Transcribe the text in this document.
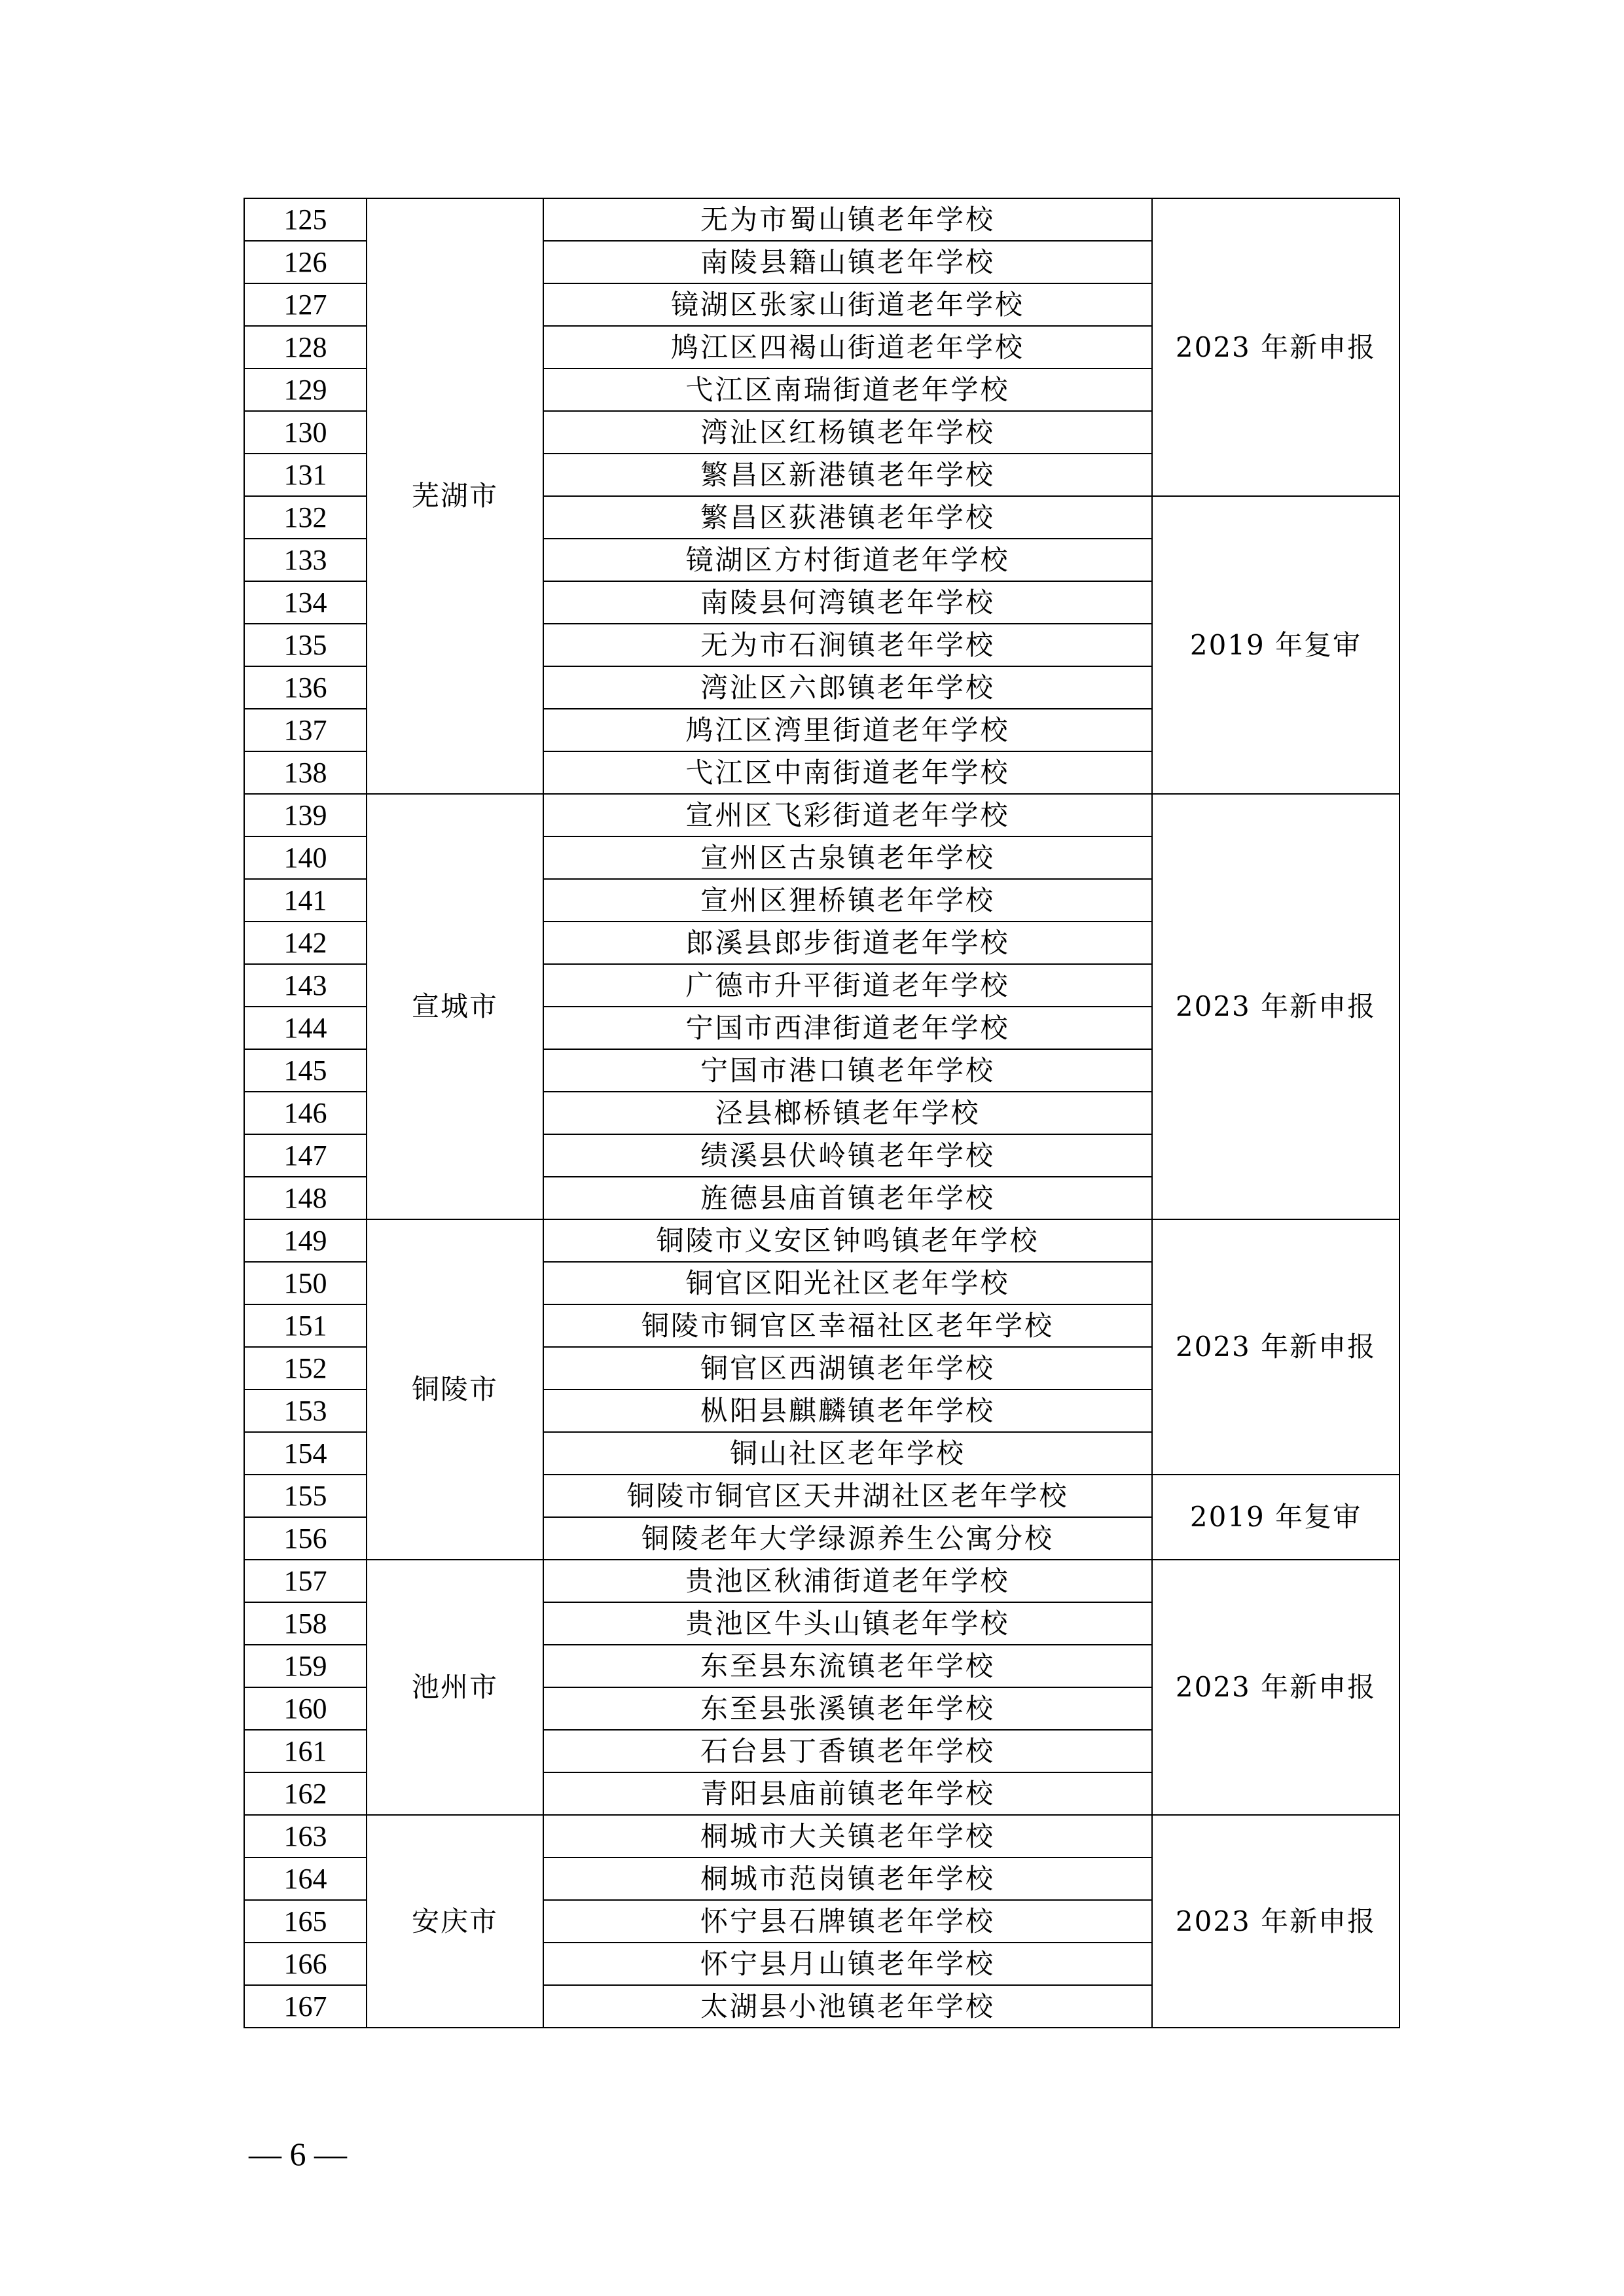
125	芜湖市	无为市蜀山镇老年学校	2023 年新申报
126		南陵县籍山镇老年学校	
127		镜湖区张家山街道老年学校	
128		鸠江区四褐山街道老年学校	
129		弋江区南瑞街道老年学校	
130		湾沚区红杨镇老年学校	
131		繁昌区新港镇老年学校	
132		繁昌区荻港镇老年学校	2019 年复审
133		镜湖区方村街道老年学校	
134		南陵县何湾镇老年学校	
135		无为市石涧镇老年学校	
136		湾沚区六郎镇老年学校	
137		鸠江区湾里街道老年学校	
138		弋江区中南街道老年学校	
139	宣城市	宣州区飞彩街道老年学校	2023 年新申报
140		宣州区古泉镇老年学校	
141		宣州区狸桥镇老年学校	
142		郎溪县郎步街道老年学校	
143		广德市升平街道老年学校	
144		宁国市西津街道老年学校	
145		宁国市港口镇老年学校	
146		泾县榔桥镇老年学校	
147		绩溪县伏岭镇老年学校	
148		旌德县庙首镇老年学校	
149	铜陵市	铜陵市义安区钟鸣镇老年学校	2023 年新申报
150		铜官区阳光社区老年学校	
151		铜陵市铜官区幸福社区老年学校	
152		铜官区西湖镇老年学校	
153		枞阳县麒麟镇老年学校	
154		铜山社区老年学校	
155		铜陵市铜官区天井湖社区老年学校	2019 年复审
156		铜陵老年大学绿源养生公寓分校	
157	池州市	贵池区秋浦街道老年学校	2023 年新申报
158		贵池区牛头山镇老年学校	
159		东至县东流镇老年学校	
160		东至县张溪镇老年学校	
161		石台县丁香镇老年学校	
162		青阳县庙前镇老年学校	
163	安庆市	桐城市大关镇老年学校	2023 年新申报
164		桐城市范岗镇老年学校	
165		怀宁县石牌镇老年学校	
166		怀宁县月山镇老年学校	
167		太湖县小池镇老年学校	
— 6 —
